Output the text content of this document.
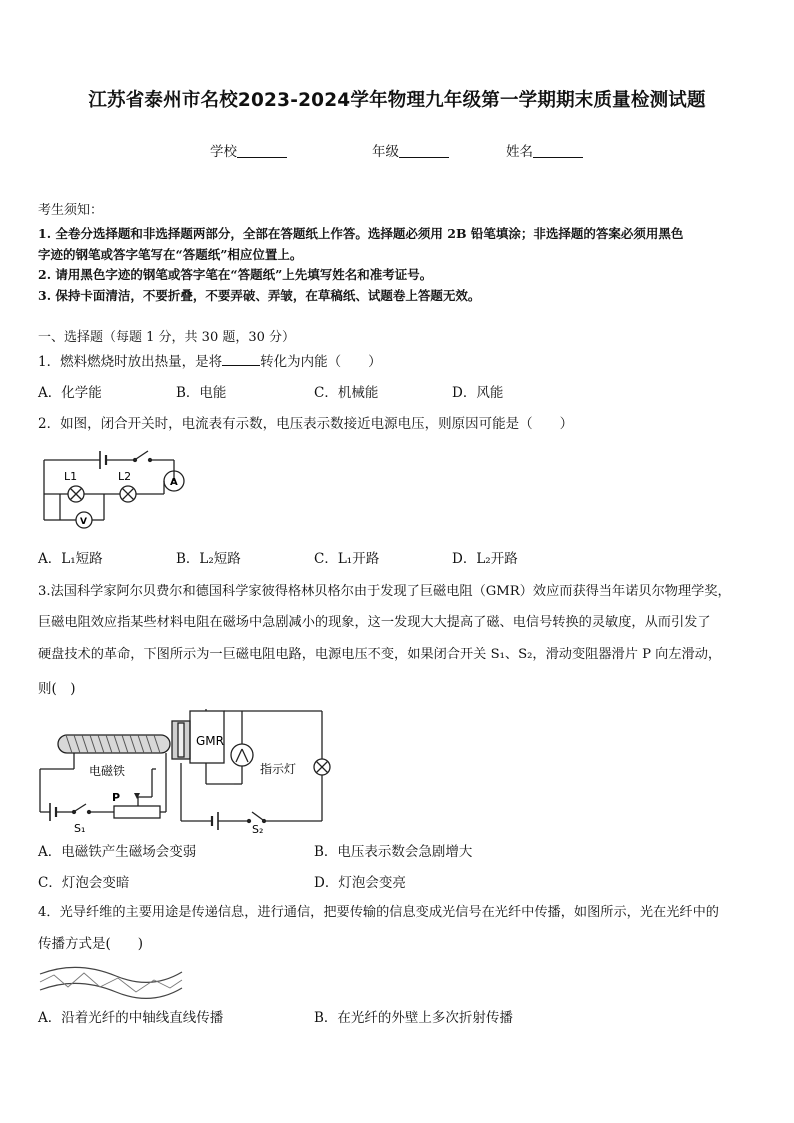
江苏省泰州市名校2023-2024学年物理九年级第一学期期末质量检测试题
学校	年级	姓名
考生须知：
1. 全卷分选择题和非选择题两部分，全部在答题纸上作答。选择题必须用 2B 铅笔填涂；非选择题的答案必须用黑色
字迹的钢笔或答字笔写在“答题纸”相应位置上。
2. 请用黑色字迹的钢笔或答字笔在“答题纸”上先填写姓名和准考证号。
3. 保持卡面清洁，不要折叠，不要弄破、弄皱，在草稿纸、试题卷上答题无效。
一、选择题（每题 1 分，共 30 题，30 分）
1．燃料燃烧时放出热量，是将	转化为内能（　　）
A．化学能	B．电能	C．机械能	D．风能
2．如图，闭合开关时，电流表有示数，电压表示数接近电源电压，则原因可能是（　　）
L1	L2	A
V
A．L₁短路	B．L₂短路	C．L₁开路	D．L₂开路
3.法国科学家阿尔贝费尔和德国科学家彼得格林贝格尔由于发现了巨磁电阻（GMR）效应而获得当年诺贝尔物理学奖，
巨磁电阻效应指某些材料电阻在磁场中急剧减小的现象，这一发现大大提高了磁、电信号转换的灵敏度，从而引发了
硬盘技术的革命，下图所示为一巨磁电阻电路，电源电压不变，如果闭合开关 S₁、S₂，滑动变阻器滑片 P 向左滑动，
则(　)
GMR
电磁铁	指示灯
P
S₁	S₂
A．电磁铁产生磁场会变弱	B．电压表示数会急剧增大
C．灯泡会变暗	D．灯泡会变亮
4．光导纤维的主要用途是传递信息，进行通信，把要传输的信息变成光信号在光纤中传播，如图所示，光在光纤中的
传播方式是(　　)
A．沿着光纤的中轴线直线传播	B．在光纤的外壁上多次折射传播
